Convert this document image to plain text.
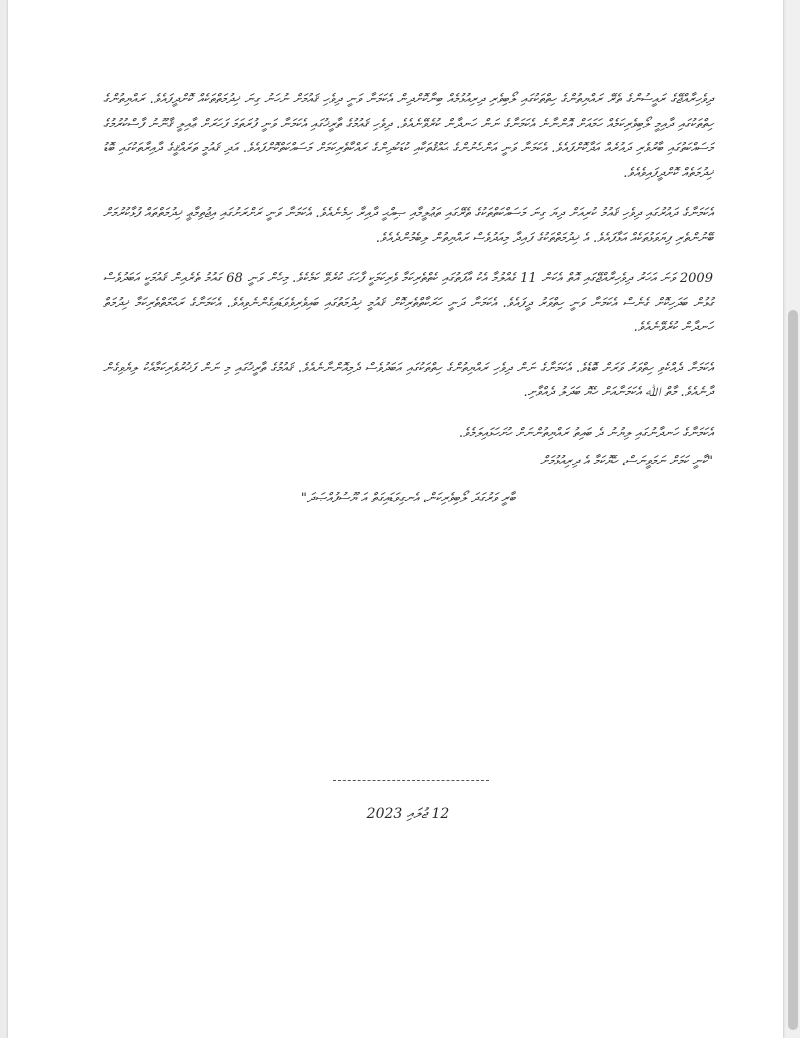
ދިވެހިރާއްޖޭގެ ރައީސުންގެ ތެރޭ ރައްޔިތުންގެ ހިތްތަކުގައި ލޯބިވެރި ދިރިއުޅުމެއް ބިނާކޮށްދިން އެކަމަނާ ވަނީ ދިވެހި ޤައުމަށް ނުހަނު ގިނަ ޚިދުމަތްތަކެއް ކޮށްދީފައެވެ. ރައްޔިތުންގެ ހިތްތަކުގައި ދާއިމީ ލޯބިވެރިކަމެއް ހަމައަށް އޮންނާނެ އެކަމަނާގެ ނަން ހަނދާން ކުރެވޭނެއެވެ. ދިވެހި ޤައުމުގެ ތާރީޚުގައި އެކަމަނާ ވަނީ ފުރަތަމަ ފަހަރަށް ޢާއިލީ ޤާނޫނު ފާސްކުރުމުގެ މަސައްކަތުގައި ބާރުވެރި ދައުރެއް އަދާކޮށްފައެވެ. އެކަމަނާ ވަނީ އަންހެނުންގެ ޙައްޤުތަކާއި ކުޑަކުދިންގެ ރައްކާތެރިކަމަށް މަސައްކަތްކޮށްފައެވެ. އަދި ޤައުމީ ތަރައްޤީގެ ދާއިރާތަކުގައި ބޮޑު ޚިދުމަތެއް ކޮށްދީފައިވެއެވެ.

އެކަމަނާގެ ދައުރުގައި ދިވެހި ޤައުމު ކުރިއަށް ދިޔަ ގިނަ މަސައްކަތްތަކުގެ ތެރޭގައި ތަޢުލީމާއި ޞިއްޙީ ދާއިރާ ހިމެނެއެވެ. އެކަމަނާ ވަނީ ރަށްރަށުގައި އިޖުތިމާޢީ ޚިދުމަތްތައް ފުޅާކުރުމަށް ބޭނުންތެރި ފިޔަވަޅުތަކެއް އަޅާފައެވެ. އެ ޚިދުމަތްތަކުގެ ފައިދާ މިއަދުވެސް ރައްޔިތުން ލިބެމުންދެއެވެ.

2009 ވަނަ އަހަރު ދިވެހިރާއްޖޭގައި އޮތް އެކަން 11 ގެއްލުމާ އެކު އާފަތުގައި ކެތްތެރިކަމާ ވެރިކަމަކީ ފާހަގަ ކުރެވޭ ކަމެކެވެ. މިހެން ވަނީ 68 ގައުމު ތެރެއިން ޤައުމަކީ އަބަދުވެސް ގުޅުން ބަދަހިކޮށް ގެނެސް އެކަމަނާ ވަނީ ހިތްވަރު ދީފައެވެ. އެކަމަނާ ދަނީ ހަރަކާތްތެރިކޮށް ޤައުމީ ޚިދުމަތުގައި ބައިވެރިވެވަޑައިގެންނެވިއެވެ. އެކަމަނާގެ ރަޙްމަތްތެރިކަމާ ޚިދުމަތް ހަނދާން ކުރެވޭނެއެވެ.

އެކަމަނާ ދެއްކެވި ހިތްވަރު ވަރަށް ބޮޑެވެ. އެކަމަނާގެ ނަން ދިވެހި ރައްޔިތުންގެ ހިތްތަކުގައި އަބަދުވެސް ދެމިއޮންނާނެއެވެ. ޤައުމުގެ ތާރީޚުގައި މި ނަން ފަޚުރުވެރިކަމާއެކު ލިޔެވިގެން ދާނެއެވެ. މާތް ﷲ އެކަމަނާއަށް ހެޔޮ ބަދަލު ދެއްވާށި.

އެކަމަނާގެ ހަނދާނުގައި ލިޔުނު ދެ ބައިތު ރައްޔިތުންނަށް ހުށަހަޅައިލަމެވެ.

"ކާނީ ކަމަށް ނަމަވީނަސް، ހެޔޮކަމާ އެ ދިރިއުޅުމަށް

ބާރީ ވަރުގަދަ ލޯބިވެރިކަން، އެނގިވަޑައިގަތް އަ ޔޫސުފުއްޞަދަ"

12 ޖުލައި 2023
